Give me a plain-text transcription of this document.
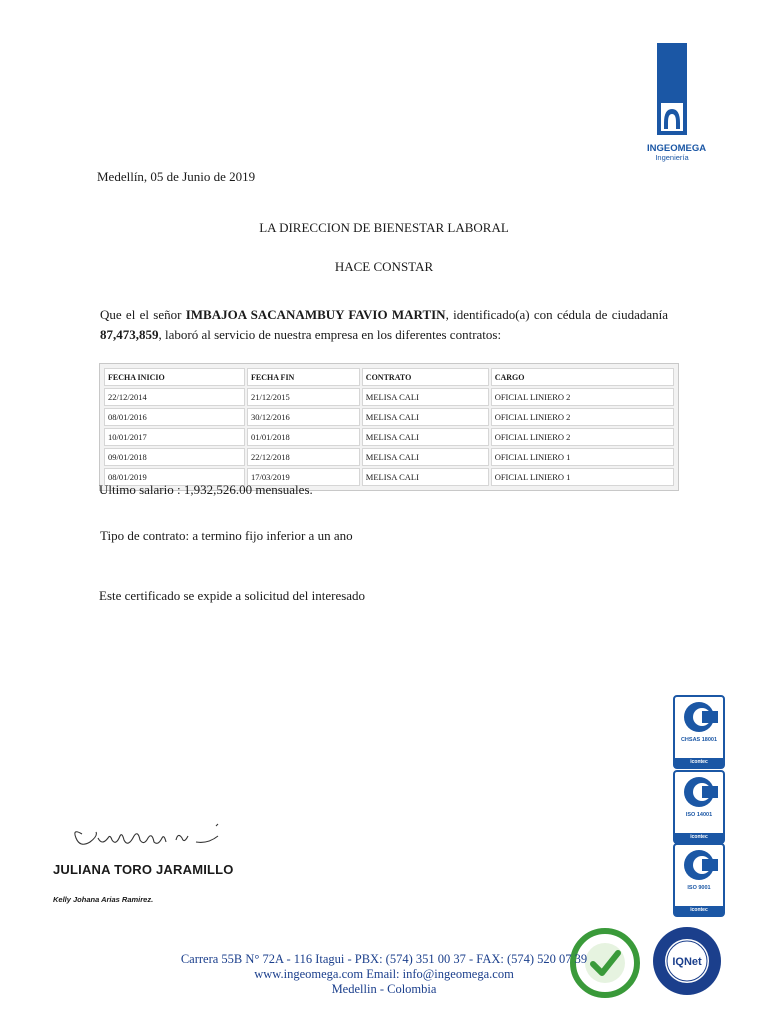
INGEOMEGA
Ingeniería
Medellín, 05 de Junio de 2019
LA DIRECCION DE BIENESTAR LABORAL
HACE CONSTAR
Que el el señor IMBAJOA SACANAMBUY FAVIO MARTIN, identificado(a) con cédula de ciudadanía 87,473,859, laboró al servicio de nuestra empresa en los diferentes contratos:
FECHA INICIO	FECHA FIN	CONTRATO	CARGO
22/12/2014	21/12/2015	MELISA CALI	OFICIAL LINIERO 2
08/01/2016	30/12/2016	MELISA CALI	OFICIAL LINIERO 2
10/01/2017	01/01/2018	MELISA CALI	OFICIAL LINIERO 2
09/01/2018	22/12/2018	MELISA CALI	OFICIAL LINIERO 1
08/01/2019	17/03/2019	MELISA CALI	OFICIAL LINIERO 1
Ultimo salario : 1,932,526.00 mensuales.
Tipo de contrato: a termino fijo inferior a un ano
Este certificado se expide a solicitud del interesado
JULIANA TORO JARAMILLO
Kelly Johana Arias Ramirez.
CHSAS 18001
icontec
ISO 14001
icontec
ISO 9001
icontec
IQNet
Carrera 55B N° 72A - 116 Itagui - PBX: (574) 351 00 37 - FAX: (574) 520 07 39
www.ingeomega.com Email: info@ingeomega.com
Medellin - Colombia
